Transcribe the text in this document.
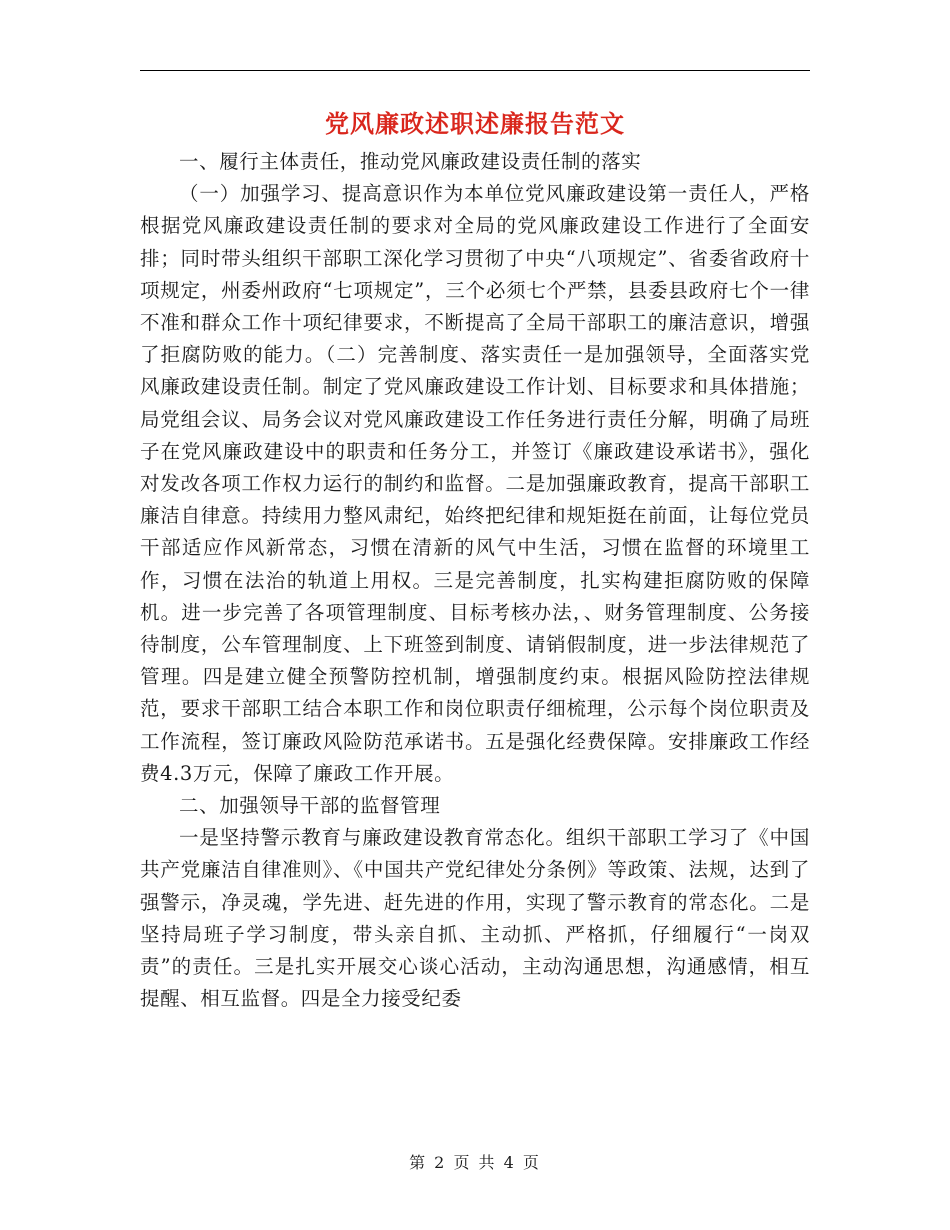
党风廉政述职述廉报告范文

一、履行主体责任，推动党风廉政建设责任制的落实

（一）加强学习、提高意识作为本单位党风廉政建设第一责任人，严格根据党风廉政建设责任制的要求对全局的党风廉政建设工作进行了全面安排；同时带头组织干部职工深化学习贯彻了中央“八项规定”、省委省政府十项规定，州委州政府“七项规定”，三个必须七个严禁，县委县政府七个一律不准和群众工作十项纪律要求，不断提高了全局干部职工的廉洁意识，增强了拒腐防败的能力。（二）完善制度、落实责任一是加强领导，全面落实党风廉政建设责任制。制定了党风廉政建设工作计划、目标要求和具体措施；局党组会议、局务会议对党风廉政建设工作任务进行责任分解，明确了局班子在党风廉政建设中的职责和任务分工，并签订《廉政建设承诺书》，强化对发改各项工作权力运行的制约和监督。二是加强廉政教育，提高干部职工廉洁自律意。持续用力整风肃纪，始终把纪律和规矩挺在前面，让每位党员干部适应作风新常态，习惯在清新的风气中生活，习惯在监督的环境里工作，习惯在法治的轨道上用权。三是完善制度，扎实构建拒腐防败的保障机。进一步完善了各项管理制度、目标考核办法，、财务管理制度、公务接待制度，公车管理制度、上下班签到制度、请销假制度，进一步法律规范了管理。四是建立健全预警防控机制，增强制度约束。根据风险防控法律规范，要求干部职工结合本职工作和岗位职责仔细梳理，公示每个岗位职责及工作流程，签订廉政风险防范承诺书。五是强化经费保障。安排廉政工作经费4.3万元，保障了廉政工作开展。

二、加强领导干部的监督管理

一是坚持警示教育与廉政建设教育常态化。组织干部职工学习了《中国共产党廉洁自律准则》、《中国共产党纪律处分条例》等政策、法规，达到了强警示，净灵魂，学先进、赶先进的作用，实现了警示教育的常态化。二是坚持局班子学习制度，带头亲自抓、主动抓、严格抓，仔细履行“一岗双责”的责任。三是扎实开展交心谈心活动，主动沟通思想，沟通感情，相互提醒、相互监督。四是全力接受纪委

第 2 页 共 4 页
